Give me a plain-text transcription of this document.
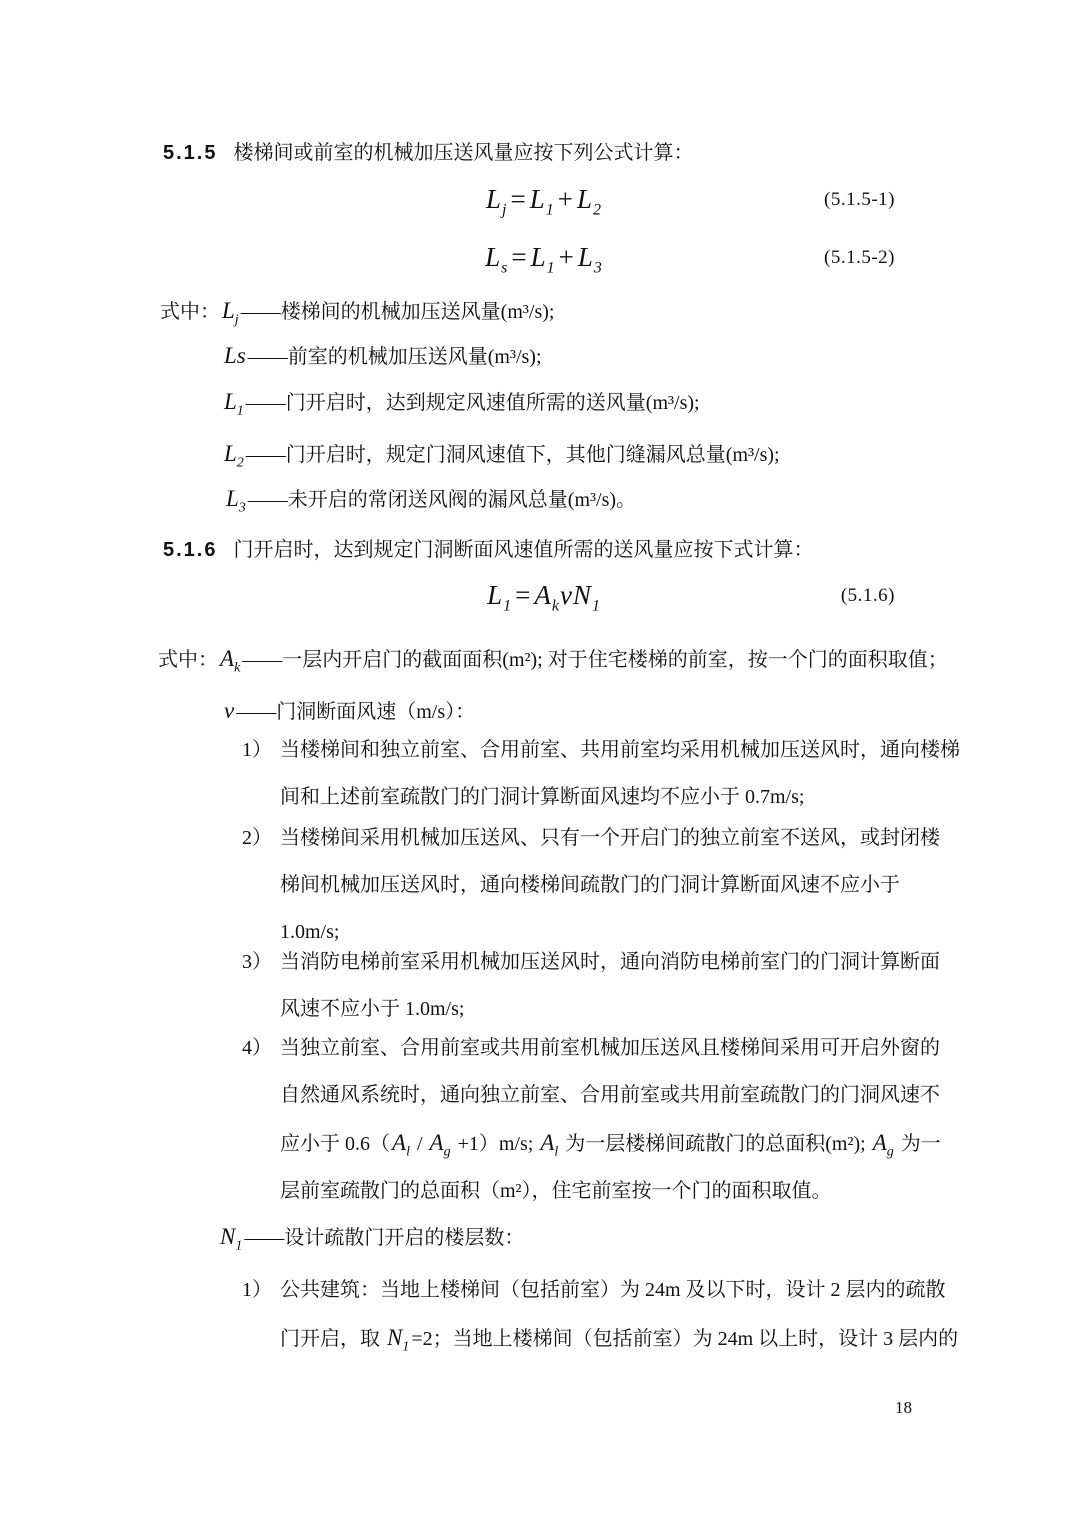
5.1.5 楼梯间或前室的机械加压送风量应按下列公式计算：
$L_j = L_1 + L_2$
(5.1.5-1)
$L_s = L_1 + L_3$
(5.1.5-2)
式中：$L_j$ ——楼梯间的机械加压送风量(m³/s);
Ls ——前室的机械加压送风量(m³/s);
$L_1$ ——门开启时，达到规定风速值所需的送风量(m³/s);
$L_2$ ——门开启时，规定门洞风速值下，其他门缝漏风总量(m³/s);
$L_3$ ——未开启的常闭送风阀的漏风总量(m³/s)。
5.1.6 门开启时，达到规定门洞断面风速值所需的送风量应按下式计算：
$L_1 = A_kvN_1$
(5.1.6)
式中：$A_k$ ——一层内开启门的截面面积(m²); 对于住宅楼梯的前室，按一个门的面积取值；
v ——门洞断面风速（m/s）：
1） 当楼梯间和独立前室、合用前室、共用前室均采用机械加压送风时，通向楼梯
间和上述前室疏散门的门洞计算断面风速均不应小于 0.7m/s;
2） 当楼梯间采用机械加压送风、只有一个开启门的独立前室不送风，或封闭楼
梯间机械加压送风时，通向楼梯间疏散门的门洞计算断面风速不应小于
1.0m/s;
3） 当消防电梯前室采用机械加压送风时，通向消防电梯前室门的门洞计算断面
风速不应小于 1.0m/s;
4） 当独立前室、合用前室或共用前室机械加压送风且楼梯间采用可开启外窗的
自然通风系统时，通向独立前室、合用前室或共用前室疏散门的门洞风速不
应小于 $0.6(A_l / A_g +1)m/s$; $A_l$ 为一层楼梯间疏散门的总面积(m²); $A_g$ 为一
层前室疏散门的总面积（m²），住宅前室按一个门的面积取值。
$N_1$ ——设计疏散门开启的楼层数：
1） 公共建筑：当地上楼梯间（包括前室）为 24m 及以下时，设计 2 层内的疏散
门开启，取 $N_1 =2$；当地上楼梯间（包括前室）为 24m 以上时，设计 3 层内的
18
